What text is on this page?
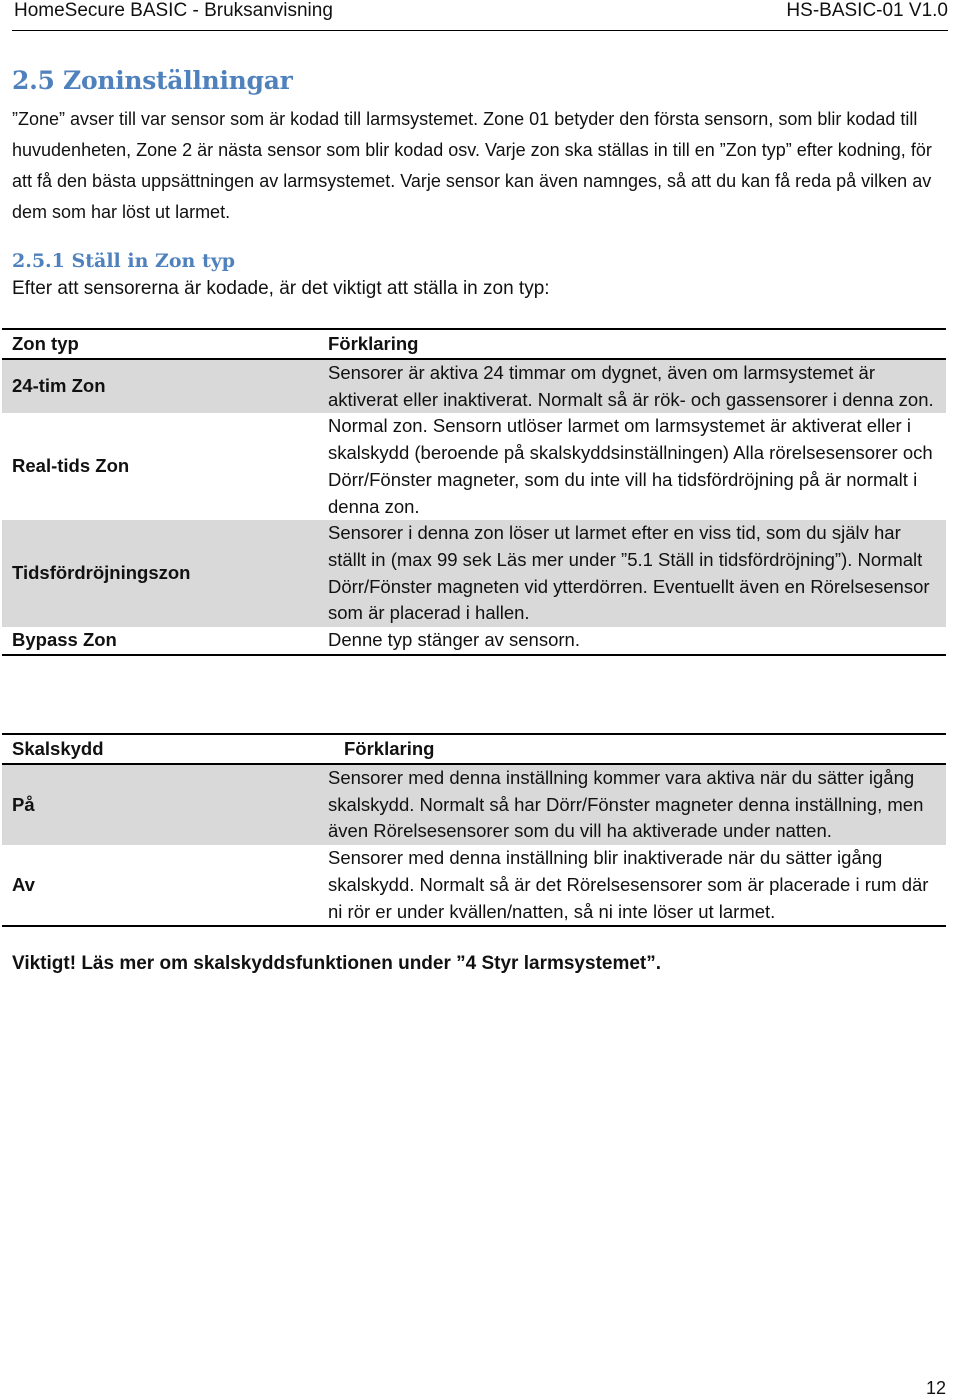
HomeSecure BASIC - Bruksanvisning	HS-BASIC-01 V1.0
2.5 Zoninställningar
”Zone” avser till var sensor som är kodad till larmsystemet. Zone 01 betyder den första sensorn, som blir kodad till huvudenheten, Zone 2 är nästa sensor som blir kodad osv. Varje zon ska ställas in till en ”Zon typ” efter kodning, för att få den bästa uppsättningen av larmsystemet. Varje sensor kan även namnges, så att du kan få reda på vilken av dem som har löst ut larmet.
2.5.1 Ställ in Zon typ
Efter att sensorerna är kodade, är det viktigt att ställa in zon typ:
Zon typ	Förklaring
24-tim Zon	Sensorer är aktiva 24 timmar om dygnet, även om larmsystemet är aktiverat eller inaktiverat. Normalt så är rök- och gassensorer i denna zon.
Real-tids Zon	Normal zon. Sensorn utlöser larmet om larmsystemet är aktiverat eller i skalskydd (beroende på skalskyddsinställningen) Alla rörelsesensorer och Dörr/Fönster magneter, som du inte vill ha tidsfördröjning på är normalt i denna zon.
Tidsfördröjningszon	Sensorer i denna zon löser ut larmet efter en viss tid, som du själv har ställt in (max 99 sek Läs mer under ”5.1 Ställ in tidsfördröjning”). Normalt Dörr/Fönster magneten vid ytterdörren. Eventuellt även en Rörelsesensor som är placerad i hallen.
Bypass Zon	Denne typ stänger av sensorn.
Skalskydd	Förklaring
På	Sensorer med denna inställning kommer vara aktiva när du sätter igång skalskydd. Normalt så har Dörr/Fönster magneter denna inställning, men även Rörelsesensorer som du vill ha aktiverade under natten.
Av	Sensorer med denna inställning blir inaktiverade när du sätter igång skalskydd. Normalt så är det Rörelsesensorer som är placerade i rum där ni rör er under kvällen/natten, så ni inte löser ut larmet.
Viktigt! Läs mer om skalskyddsfunktionen under ”4 Styr larmsystemet”.
12
